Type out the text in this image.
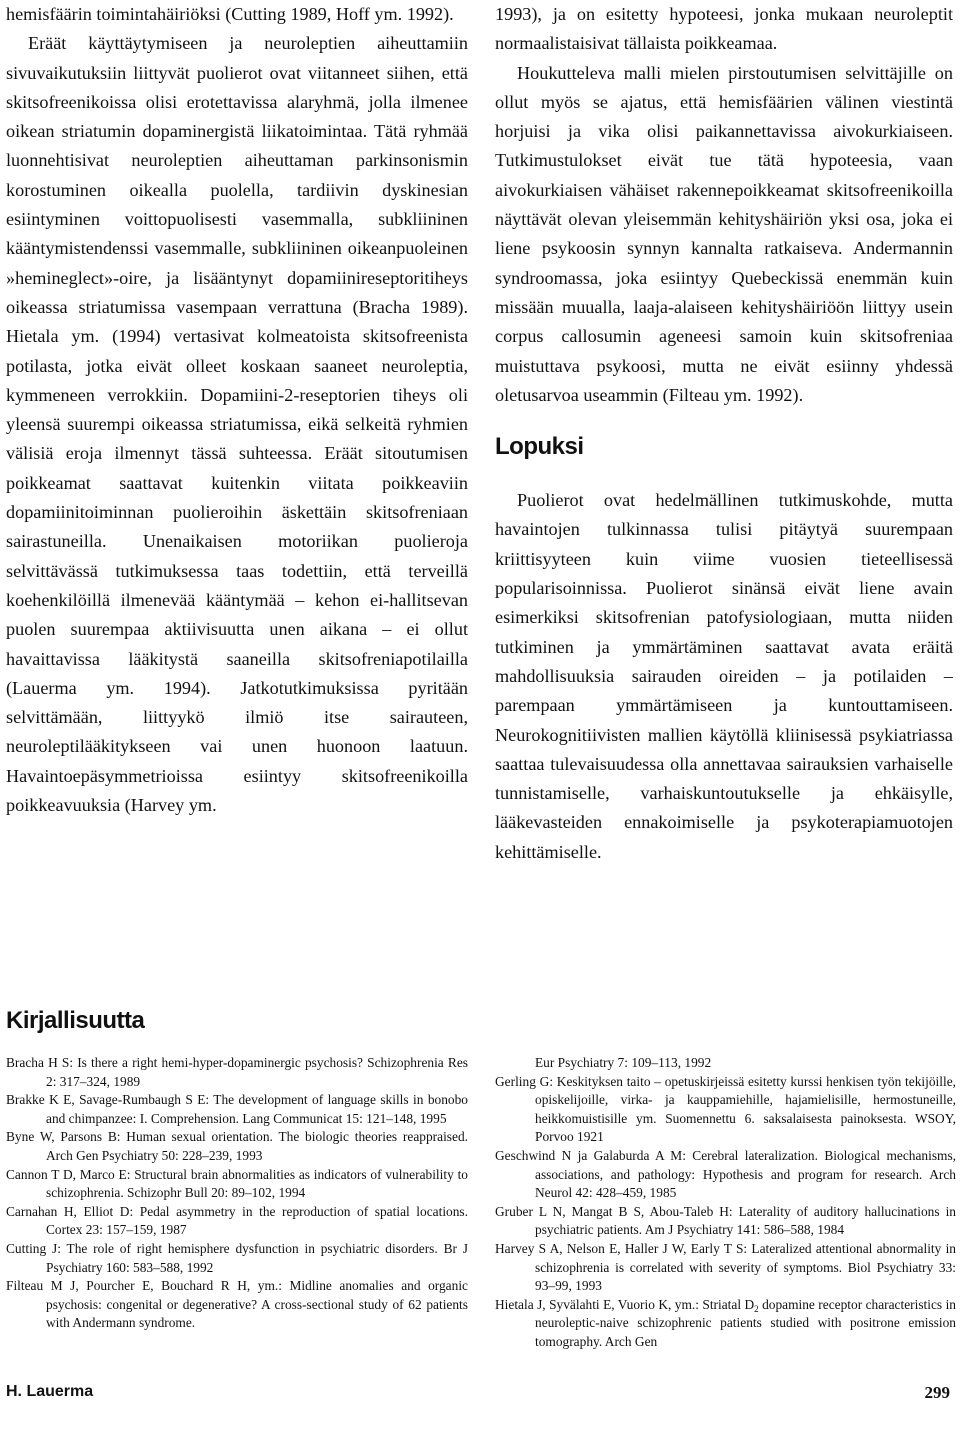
hemisfäärin toimintahäiriöksi (Cutting 1989, Hoff ym. 1992).

Eräät käyttäytymiseen ja neuroleptien aiheuttamiin sivuvaikutuksiin liittyvät puolierot ovat viitanneet siihen, että skitsofreenikoissa olisi erotettavissa alaryhmä, jolla ilmenee oikean striatumin dopaminergistä liikatoimintaa. Tätä ryhmää luonnehtisivat neuroleptien aiheuttaman parkinsonismin korostuminen oikealla puolella, tardiivin dyskinesian esiintyminen voittopuolisesti vasemmalla, subkliininen kääntymistendenssi vasemmalle, subkliininen oikeanpuoleinen »hemineglect»-oire, ja lisääntynyt dopamiinireseptoritiheys oikeassa striatumissa vasempaan verrattuna (Bracha 1989). Hietala ym. (1994) vertasivat kolmeatoista skitsofreenista potilasta, jotka eivät olleet koskaan saaneet neuroleptia, kymmeneen verrokkiin. Dopamiini-2-reseptorien tiheys oli yleensä suurempi oikeassa striatumissa, eikä selkeitä ryhmien välisiä eroja ilmennyt tässä suhteessa. Eräät sitoutumisen poikkeamat saattavat kuitenkin viitata poikkeaviin dopamiinitoiminnan puolieroihin äskettäin skitsofreniaan sairastuneilla. Unenaikaisen motoriikan puolieroja selvittävässä tutkimuksessa taas todettiin, että terveillä koehenkilöillä ilmenevää kääntymää – kehon ei-hallitsevan puolen suurempaa aktiivisuutta unen aikana – ei ollut havaittavissa lääkitystä saaneilla skitsofreniapotilailla (Lauerma ym. 1994). Jatkotutkimuksissa pyritään selvittämään, liittyykö ilmiö itse sairauteen, neuroleptilääkitykseen vai unen huonoon laatuun. Havaintoepäsymmetrioissa esiintyy skitsofreenikoilla poikkeavuuksia (Harvey ym.

1993), ja on esitetty hypoteesi, jonka mukaan neuroleptit normaalistaisivat tällaista poikkeamaa.

Houkutteleva malli mielen pirstoutumisen selvittäjille on ollut myös se ajatus, että hemisfäärien välinen viestintä horjuisi ja vika olisi paikannettavissa aivokurkiaiseen. Tutkimustulokset eivät tue tätä hypoteesia, vaan aivokurkiaisen vähäiset rakennepoikkeamat skitsofreenikoilla näyttävät olevan yleisemmän kehityshäiriön yksi osa, joka ei liene psykoosin synnyn kannalta ratkaiseva. Andermannin syndroomassa, joka esiintyy Quebeckissä enemmän kuin missään muualla, laaja-alaiseen kehityshäiriöön liittyy usein corpus callosumin ageneesi samoin kuin skitsofreniaa muistuttava psykoosi, mutta ne eivät esiinny yhdessä oletusarvoa useammin (Filteau ym. 1992).

Lopuksi

Puolierot ovat hedelmällinen tutkimuskohde, mutta havaintojen tulkinnassa tulisi pitäytyä suurempaan kriittisyyteen kuin viime vuosien tieteellisessä popularisoinnissa. Puolierot sinänsä eivät liene avain esimerkiksi skitsofrenian patofysiologiaan, mutta niiden tutkiminen ja ymmärtäminen saattavat avata eräitä mahdollisuuksia sairauden oireiden – ja potilaiden – parempaan ymmärtämiseen ja kuntouttamiseen. Neurokognitiivisten mallien käytöllä kliinisessä psykiatriassa saattaa tulevaisuudessa olla annettavaa sairauksien varhaiselle tunnistamiselle, varhaiskuntoutukselle ja ehkäisylle, lääkevasteiden ennakoimiselle ja psykoterapiamuotojen kehittämiselle.

Kirjallisuutta

Bracha H S: Is there a right hemi-hyper-dopaminergic psychosis? Schizophrenia Res 2: 317–324, 1989

Brakke K E, Savage-Rumbaugh S E: The development of language skills in bonobo and chimpanzee: I. Comprehension. Lang Communicat 15: 121–148, 1995

Byne W, Parsons B: Human sexual orientation. The biologic theories reappraised. Arch Gen Psychiatry 50: 228–239, 1993

Cannon T D, Marco E: Structural brain abnormalities as indicators of vulnerability to schizophrenia. Schizophr Bull 20: 89–102, 1994

Carnahan H, Elliot D: Pedal asymmetry in the reproduction of spatial locations. Cortex 23: 157–159, 1987

Cutting J: The role of right hemisphere dysfunction in psychiatric disorders. Br J Psychiatry 160: 583–588, 1992

Filteau M J, Pourcher E, Bouchard R H, ym.: Midline anomalies and organic psychosis: congenital or degenerative? A cross-sectional study of 62 patients with Andermann syndrome.

Eur Psychiatry 7: 109–113, 1992

Gerling G: Keskityksen taito – opetuskirjeissä esitetty kurssi henkisen työn tekijöille, opiskelijoille, virka- ja kauppamiehille, hajamielisille, hermostuneille, heikkomuistisille ym. Suomennettu 6. saksalaisesta painoksesta. WSOY, Porvoo 1921

Geschwind N ja Galaburda A M: Cerebral lateralization. Biological mechanisms, associations, and pathology: Hypothesis and program for research. Arch Neurol 42: 428–459, 1985

Gruber L N, Mangat B S, Abou-Taleb H: Laterality of auditory hallucinations in psychiatric patients. Am J Psychiatry 141: 586–588, 1984

Harvey S A, Nelson E, Haller J W, Early T S: Lateralized attentional abnormality in schizophrenia is correlated with severity of symptoms. Biol Psychiatry 33: 93–99, 1993

Hietala J, Syvälahti E, Vuorio K, ym.: Striatal $D_2$ dopamine receptor characteristics in neuroleptic-naive schizophrenic patients studied with positrone emission tomography. Arch Gen

H. Lauerma	299
